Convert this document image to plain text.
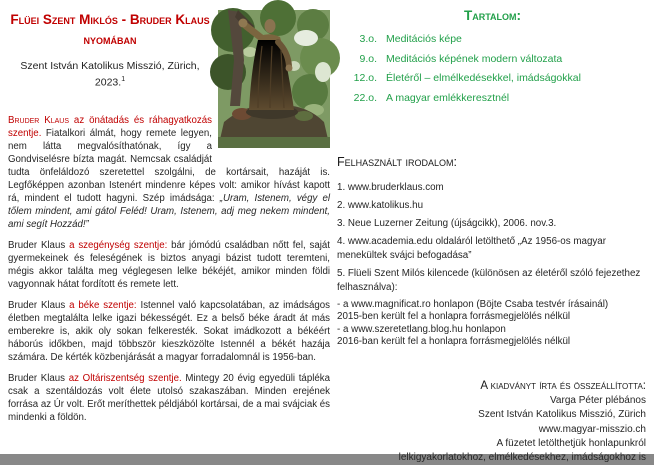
Flüei Szent Miklós - Bruder Klaus
nyomában
Szent István Katolikus Misszió, Zürich, 2023.$^1$

Bruder Klaus az önátadás és ráhagyatkozás szentje. Fiatalkori álmát, hogy remete legyen, nem látta megvalósíthatónak, így a Gondviselésre bízta magát. Nemcsak családját tudta önfeláldozó szeretettel szolgálni, de kortársait, hazáját is. Legfőképpen azonban Istenért mindenre képes volt: amikor hívást kapott rá, mindent el tudott hagyni. Szép imádsága: „Uram, Istenem, végy el tőlem mindent, ami gátol Feléd! Uram, Istenem, adj meg nekem mindent, ami segít Hozzád!”

Bruder Klaus a szegénység szentje: bár jómódú családban nőtt fel, saját gyermekeinek és feleségének is biztos anyagi bázist tudott teremteni, mégis akkor találta meg véglegesen lelke békéjét, amikor minden földi vagyonnak hátat fordított és remete lett.

Bruder Klaus a béke szentje: Istennel való kapcsolatában, az imádságos életben megtalálta lelke igazi békességét. Ez a belső béke áradt át más emberekre is, akik oly sokan felkeresték. Sokat imádkozott a békéért háborús időkben, majd többször kieszközölte Istennél a békét hazája számára. De kérték közbenjárását a magyar forradalomnál is 1956-ban.

Bruder Klaus az Oltáriszentség szentje. Mintegy 20 évig egyedüli tápléka csak a szentáldozás volt élete utolsó szakaszában. Minden erejének forrása az Úr volt. Erőt meríthettek példjából kortársai, de a mai svájciak és mindenki a földön.

Tartalom:
3.o. Meditációs képe
9.o. Meditációs képének modern változata
12.o. Életéről – elmélkedésekkel, imádságokkal
22.o. A magyar emlékkeresztnél
Felhasznált irodalom:

1. www.bruderklaus.com

2. www.katolikus.hu

3. Neue Luzerner Zeitung (újságcikk), 2006. nov.3.

4. www.academia.edu oldaláról letölthető „Az 1956-os magyar menekültek svájci befogadása”

5. Flüeli Szent Milós kilencede (különösen az életéről szóló fejezethez felhasználva):

- a www.magnificat.ro honlapon (Böjte Csaba testvér írásainál)

2015-ben került fel a honlapra forrásmegjelölés nélkül

- a www.szeretetlang.blog.hu honlapon

2016-ban került fel a honlapra forrásmegjelölés nélkül

A kiadványt írta és összeállította:

Varga Péter plébános

Szent István Katolikus Misszió, Zürich

www.magyar-misszio.ch

A füzetet letölthetjük honlapunkról

lelkigyakorlatokhoz, elmélkedésekhez, imádságokhoz is
